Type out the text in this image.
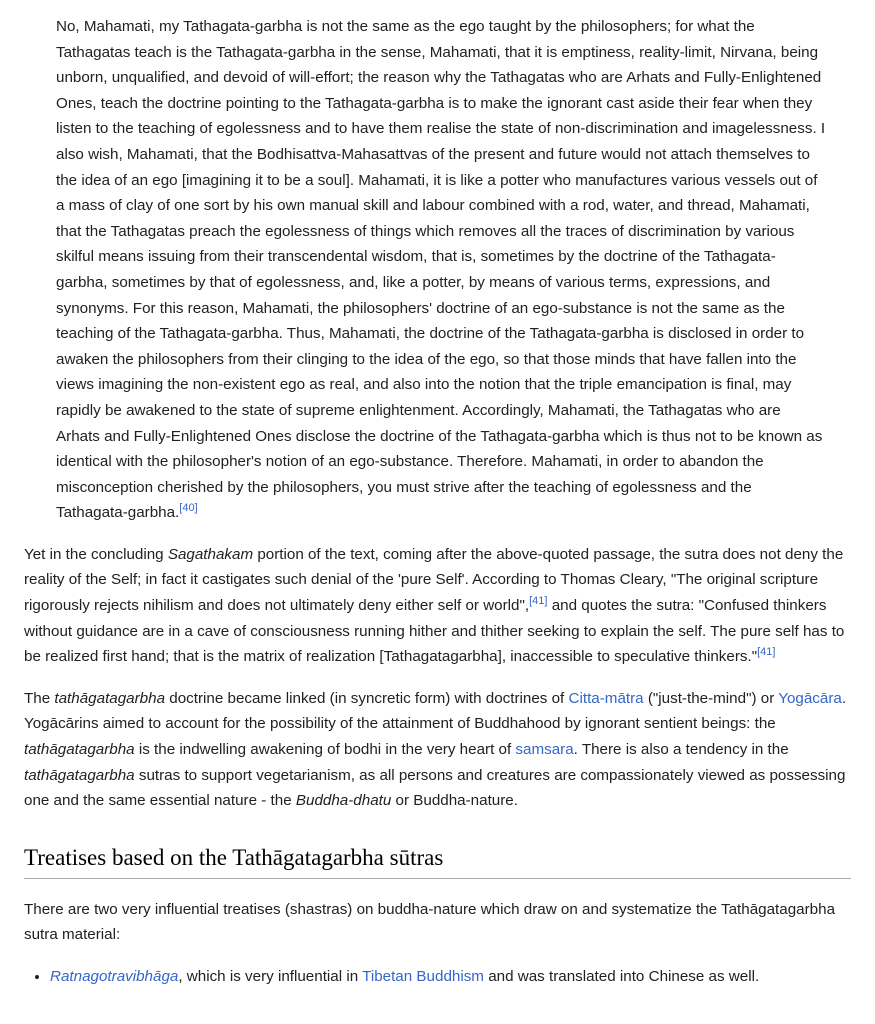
No, Mahamati, my Tathagata-garbha is not the same as the ego taught by the philosophers; for what the Tathagatas teach is the Tathagata-garbha in the sense, Mahamati, that it is emptiness, reality-limit, Nirvana, being unborn, unqualified, and devoid of will-effort; the reason why the Tathagatas who are Arhats and Fully-Enlightened Ones, teach the doctrine pointing to the Tathagata-garbha is to make the ignorant cast aside their fear when they listen to the teaching of egolessness and to have them realise the state of non-discrimination and imagelessness. I also wish, Mahamati, that the Bodhisattva-Mahasattvas of the present and future would not attach themselves to the idea of an ego [imagining it to be a soul]. Mahamati, it is like a potter who manufactures various vessels out of a mass of clay of one sort by his own manual skill and labour combined with a rod, water, and thread, Mahamati, that the Tathagatas preach the egolessness of things which removes all the traces of discrimination by various skilful means issuing from their transcendental wisdom, that is, sometimes by the doctrine of the Tathagata-garbha, sometimes by that of egolessness, and, like a potter, by means of various terms, expressions, and synonyms. For this reason, Mahamati, the philosophers' doctrine of an ego-substance is not the same as the teaching of the Tathagata-garbha. Thus, Mahamati, the doctrine of the Tathagata-garbha is disclosed in order to awaken the philosophers from their clinging to the idea of the ego, so that those minds that have fallen into the views imagining the non-existent ego as real, and also into the notion that the triple emancipation is final, may rapidly be awakened to the state of supreme enlightenment. Accordingly, Mahamati, the Tathagatas who are Arhats and Fully-Enlightened Ones disclose the doctrine of the Tathagata-garbha which is thus not to be known as identical with the philosopher's notion of an ego-substance. Therefore. Mahamati, in order to abandon the misconception cherished by the philosophers, you must strive after the teaching of egolessness and the Tathagata-garbha.[40]

Yet in the concluding Sagathakam portion of the text, coming after the above-quoted passage, the sutra does not deny the reality of the Self; in fact it castigates such denial of the 'pure Self'. According to Thomas Cleary, "The original scripture rigorously rejects nihilism and does not ultimately deny either self or world",[41] and quotes the sutra: "Confused thinkers without guidance are in a cave of consciousness running hither and thither seeking to explain the self. The pure self has to be realized first hand; that is the matrix of realization [Tathagatagarbha], inaccessible to speculative thinkers."[41]

The tathāgatagarbha doctrine became linked (in syncretic form) with doctrines of Citta-mātra ("just-the-mind") or Yogācāra. Yogācārins aimed to account for the possibility of the attainment of Buddhahood by ignorant sentient beings: the tathāgatagarbha is the indwelling awakening of bodhi in the very heart of samsara. There is also a tendency in the tathāgatagarbha sutras to support vegetarianism, as all persons and creatures are compassionately viewed as possessing one and the same essential nature - the Buddha-dhatu or Buddha-nature.

Treatises based on the Tathāgatagarbha sūtras

There are two very influential treatises (shastras) on buddha-nature which draw on and systematize the Tathāgatagarbha sutra material:

• Ratnagotravibhāga, which is very influential in Tibetan Buddhism and was translated into Chinese as well.
